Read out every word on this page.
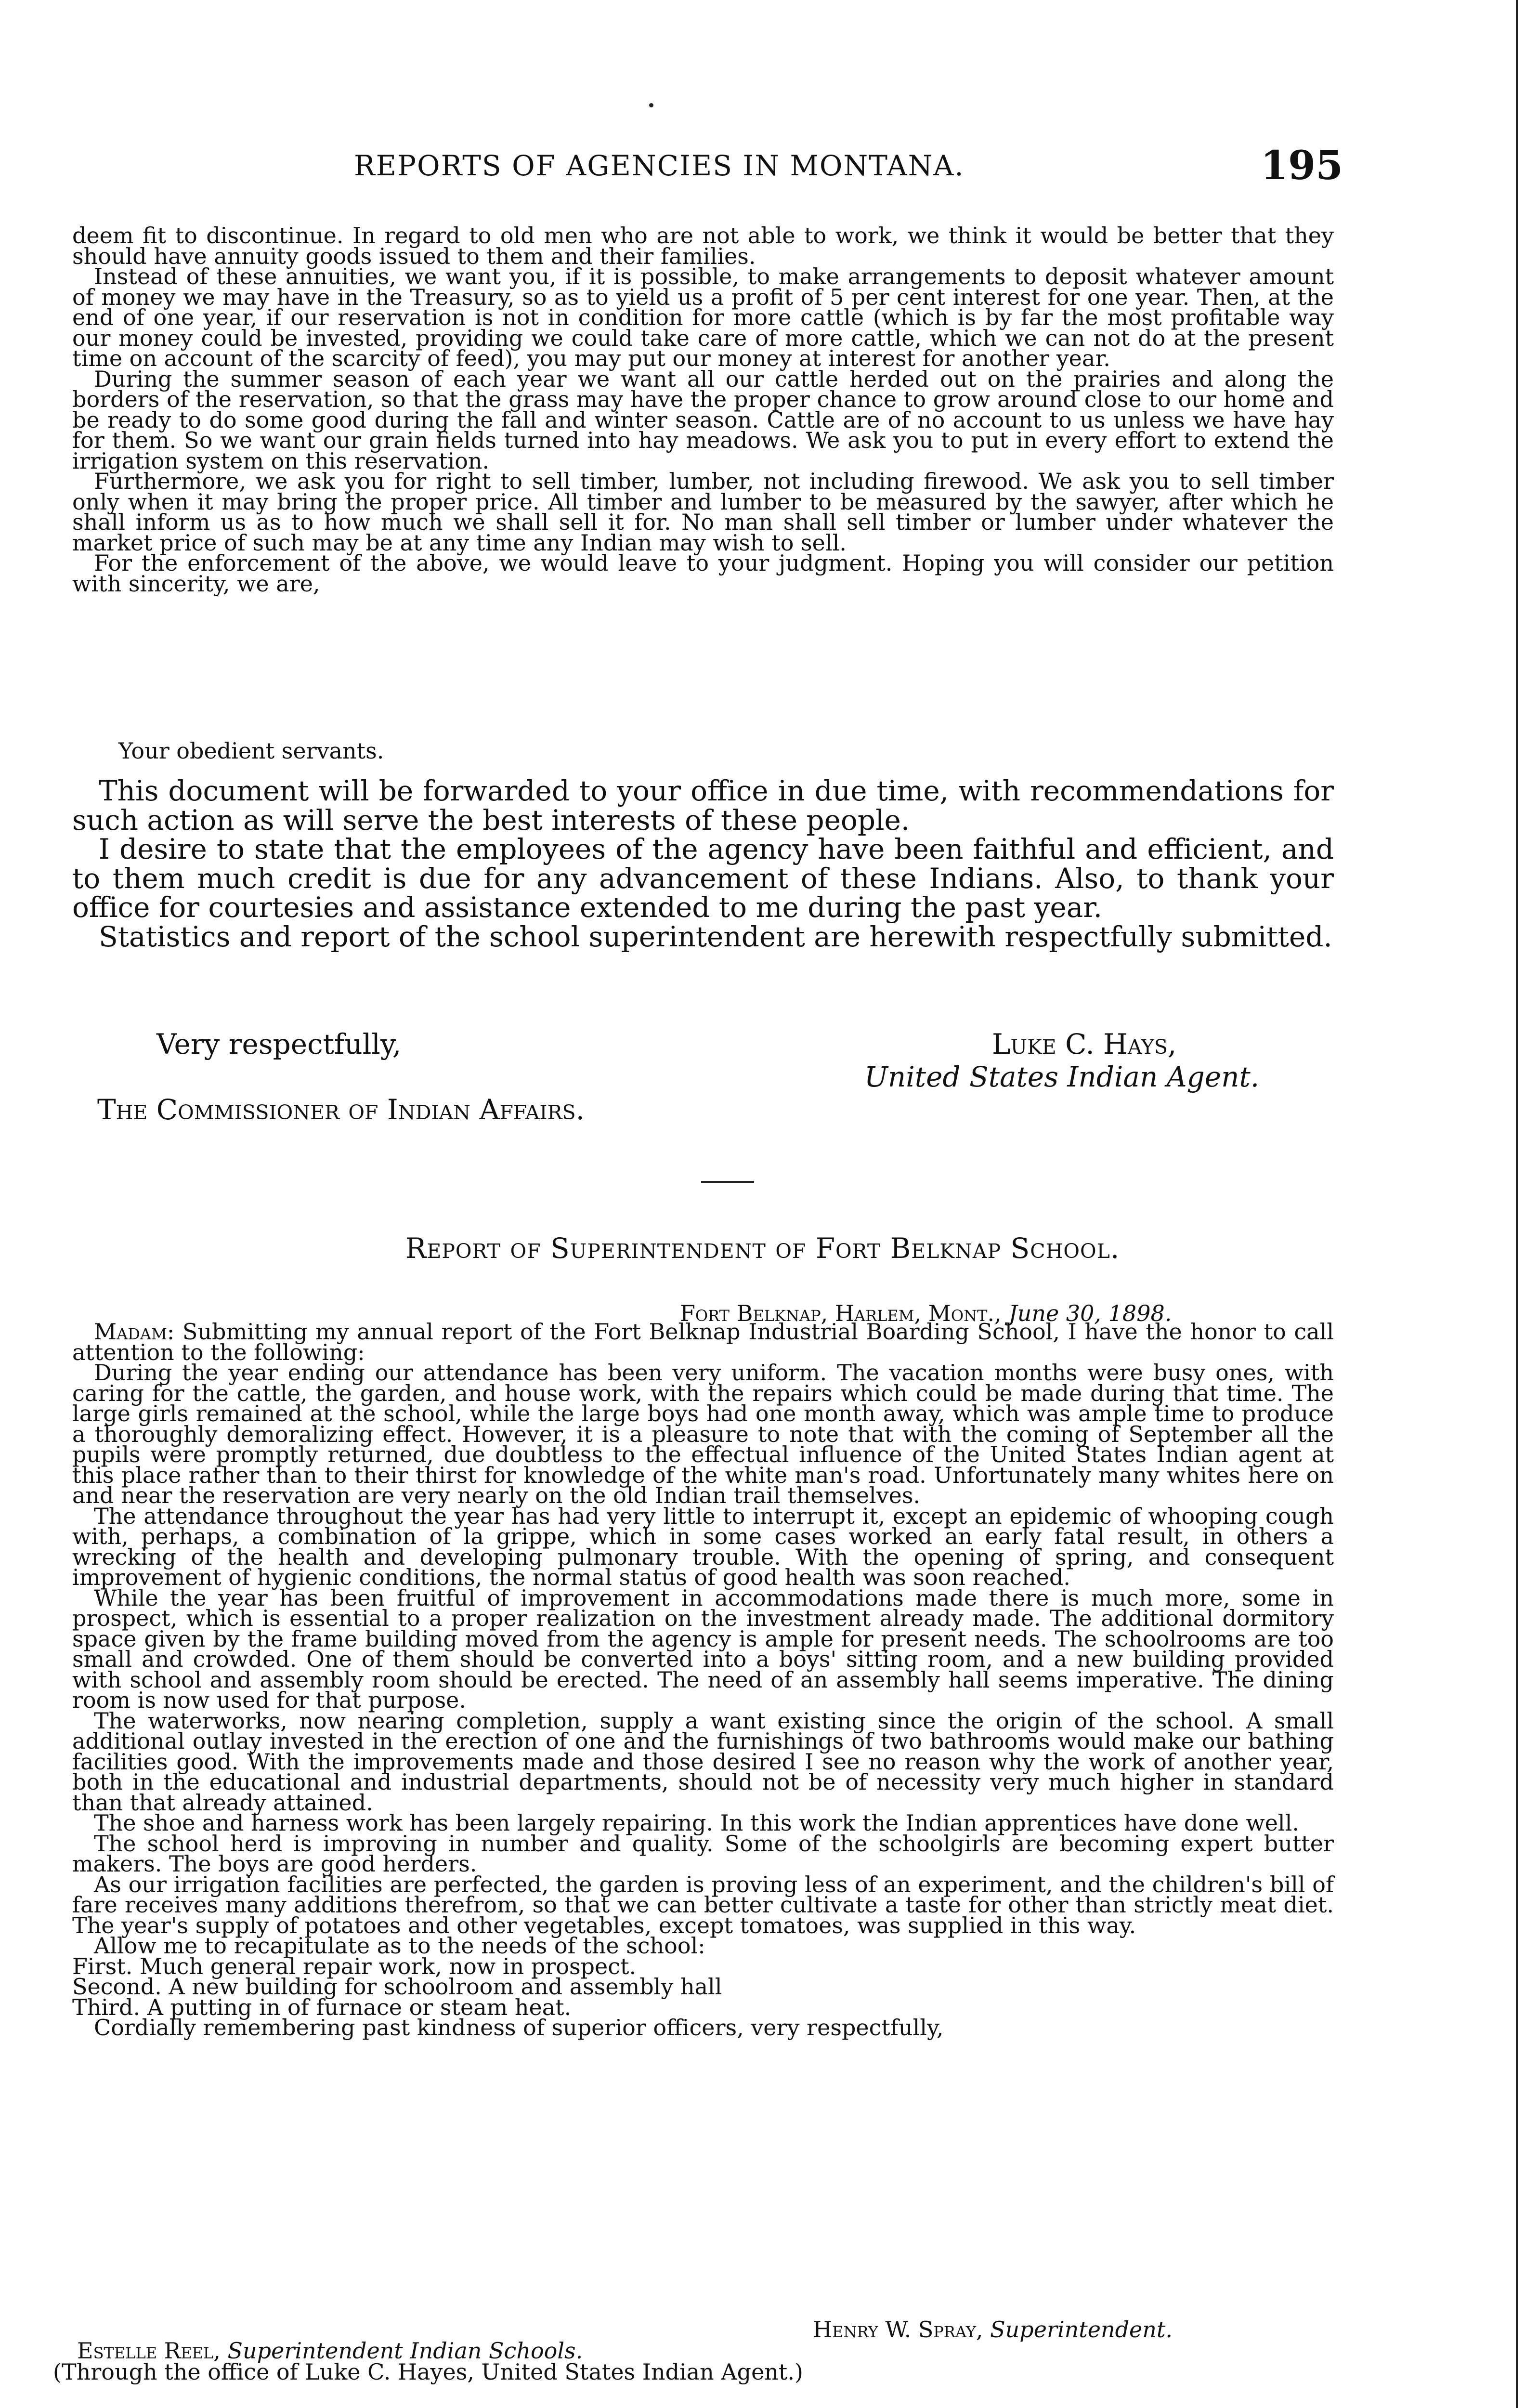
REPORTS OF AGENCIES IN MONTANA.	195

deem fit to discontinue. In regard to old men who are not able to work, we think it would be better that they should have annuity goods issued to them and their families.

Instead of these annuities, we want you, if it is possible, to make arrangements to deposit whatever amount of money we may have in the Treasury, so as to yield us a profit of 5 per cent interest for one year. Then, at the end of one year, if our reservation is not in condition for more cattle (which is by far the most profitable way our money could be invested, providing we could take care of more cattle, which we can not do at the present time on account of the scarcity of feed), you may put our money at interest for another year.

During the summer season of each year we want all our cattle herded out on the prairies and along the borders of the reservation, so that the grass may have the proper chance to grow around close to our home and be ready to do some good during the fall and winter season. Cattle are of no account to us unless we have hay for them. So we want our grain fields turned into hay meadows. We ask you to put in every effort to extend the irrigation system on this reservation.

Furthermore, we ask you for right to sell timber, lumber, not including firewood. We ask you to sell timber only when it may bring the proper price. All timber and lumber to be measured by the sawyer, after which he shall inform us as to how much we shall sell it for. No man shall sell timber or lumber under whatever the market price of such may be at any time any Indian may wish to sell.

For the enforcement of the above, we would leave to your judgment. Hoping you will consider our petition with sincerity, we are,

Your obedient servants.

This document will be forwarded to your office in due time, with recommendations for such action as will serve the best interests of these people.

I desire to state that the employees of the agency have been faithful and efficient, and to them much credit is due for any advancement of these Indians. Also, to thank your office for courtesies and assistance extended to me during the past year.

Statistics and report of the school superintendent are herewith respectfully submitted.

Very respectfully,	Luke C. Hays,
United States Indian Agent.
The Commissioner of Indian Affairs.
Report of Superintendent of Fort Belknap School.
Fort Belknap, Harlem, Mont., June 30, 1898.

Madam: Submitting my annual report of the Fort Belknap Industrial Boarding School, I have the honor to call attention to the following:

During the year ending our attendance has been very uniform. The vacation months were busy ones, with caring for the cattle, the garden, and house work, with the repairs which could be made during that time. The large girls remained at the school, while the large boys had one month away, which was ample time to produce a thoroughly demoralizing effect. However, it is a pleasure to note that with the coming of September all the pupils were promptly returned, due doubtless to the effectual influence of the United States Indian agent at this place rather than to their thirst for knowledge of the white man's road. Unfortunately many whites here on and near the reservation are very nearly on the old Indian trail themselves.

The attendance throughout the year has had very little to interrupt it, except an epidemic of whooping cough with, perhaps, a combination of la grippe, which in some cases worked an early fatal result, in others a wrecking of the health and developing pulmonary trouble. With the opening of spring, and consequent improvement of hygienic conditions, the normal status of good health was soon reached.

While the year has been fruitful of improvement in accommodations made there is much more, some in prospect, which is essential to a proper realization on the investment already made. The additional dormitory space given by the frame building moved from the agency is ample for present needs. The schoolrooms are too small and crowded. One of them should be converted into a boys' sitting room, and a new building provided with school and assembly room should be erected. The need of an assembly hall seems imperative. The dining room is now used for that purpose.

The waterworks, now nearing completion, supply a want existing since the origin of the school. A small additional outlay invested in the erection of one and the furnishings of two bathrooms would make our bathing facilities good. With the improvements made and those desired I see no reason why the work of another year, both in the educational and industrial departments, should not be of necessity very much higher in standard than that already attained.

The shoe and harness work has been largely repairing. In this work the Indian apprentices have done well.

The school herd is improving in number and quality. Some of the schoolgirls are becoming expert butter makers. The boys are good herders.

As our irrigation facilities are perfected, the garden is proving less of an experiment, and the children's bill of fare receives many additions therefrom, so that we can better cultivate a taste for other than strictly meat diet. The year's supply of potatoes and other vegetables, except tomatoes, was supplied in this way.

Allow me to recapitulate as to the needs of the school:

First. Much general repair work, now in prospect.

Second. A new building for schoolroom and assembly hall

Third. A putting in of furnace or steam heat.

Cordially remembering past kindness of superior officers, very respectfully,

Henry W. Spray, Superintendent.
Estelle Reel, Superintendent Indian Schools.
(Through the office of Luke C. Hayes, United States Indian Agent.)
